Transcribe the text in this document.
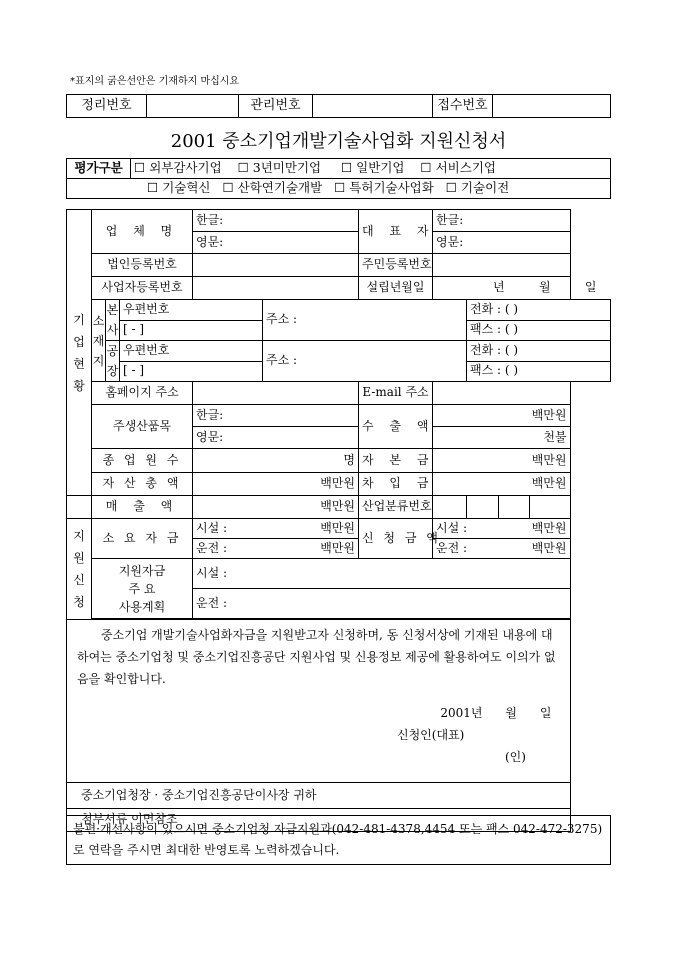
*표지의 굵은선안은 기재하지 마십시요
정리번호		관리번호		접수번호	
2001 중소기업개발기술사업화 지원신청서
평가구분	☐ 외부감사기업 ☐ 3년미만기업 ☐ 일반기업 ☐ 서비스기업
☐ 기술혁신 ☐ 산학연기술개발 ☐ 특허기술사업화 ☐ 기술이전
기업현황	업 체 명			한글:		대 표 자	한글:			
				영문:			영문:			
	법인등록번호					주민등록번호				
	사업자등록번호					설립년월일	년 월 일			
	소재지	본사	우편번호		주소 :			전화 : ( )		
			[ - ]					팩스 : ( )		
		공장	우편번호		주소 :			전화 : ( )		
			[ - ]					팩스 : ( )		
	홈페이지 주소					E-mail 주소				
	주생산품목			한글:		수 출 액	백만원			
				영문:			천불			
	종 업 원 수			명		자 본 금	백만원			
	자 산 총 액			백만원		차 입 금	백만원			
	매 출 액			백만원		산업분류번호				
지원신청	소 요 자 금			시설 : 백만원		신 청 금 액	시설 : 백만원			

				운전 : 백만원			운전 : 백만원			

	지원자금
주 요
사용계획			시설 :						
				운전 :						

중소기업 개발기술사업화자금을 지원받고자 신청하며, 동 신청서상에 기재된 내용에 대하여는 중소기업청 및 중소기업진흥공단 지원사업 및 신용정보 제공에 활용하여도 이의가 없음을 확인합니다.
2001년 월 일
신청인(대표)(인)										

중소기업청장 · 중소기업진흥공단이사장 귀하										
첨부서류 이면참조										
불편·개선사항이 있으시면 중소기업청 자금지원과(042-481-4378,4454 또는 팩스 042-472-3275)로 연락을 주시면 최대한 반영토록 노력하겠습니다.
